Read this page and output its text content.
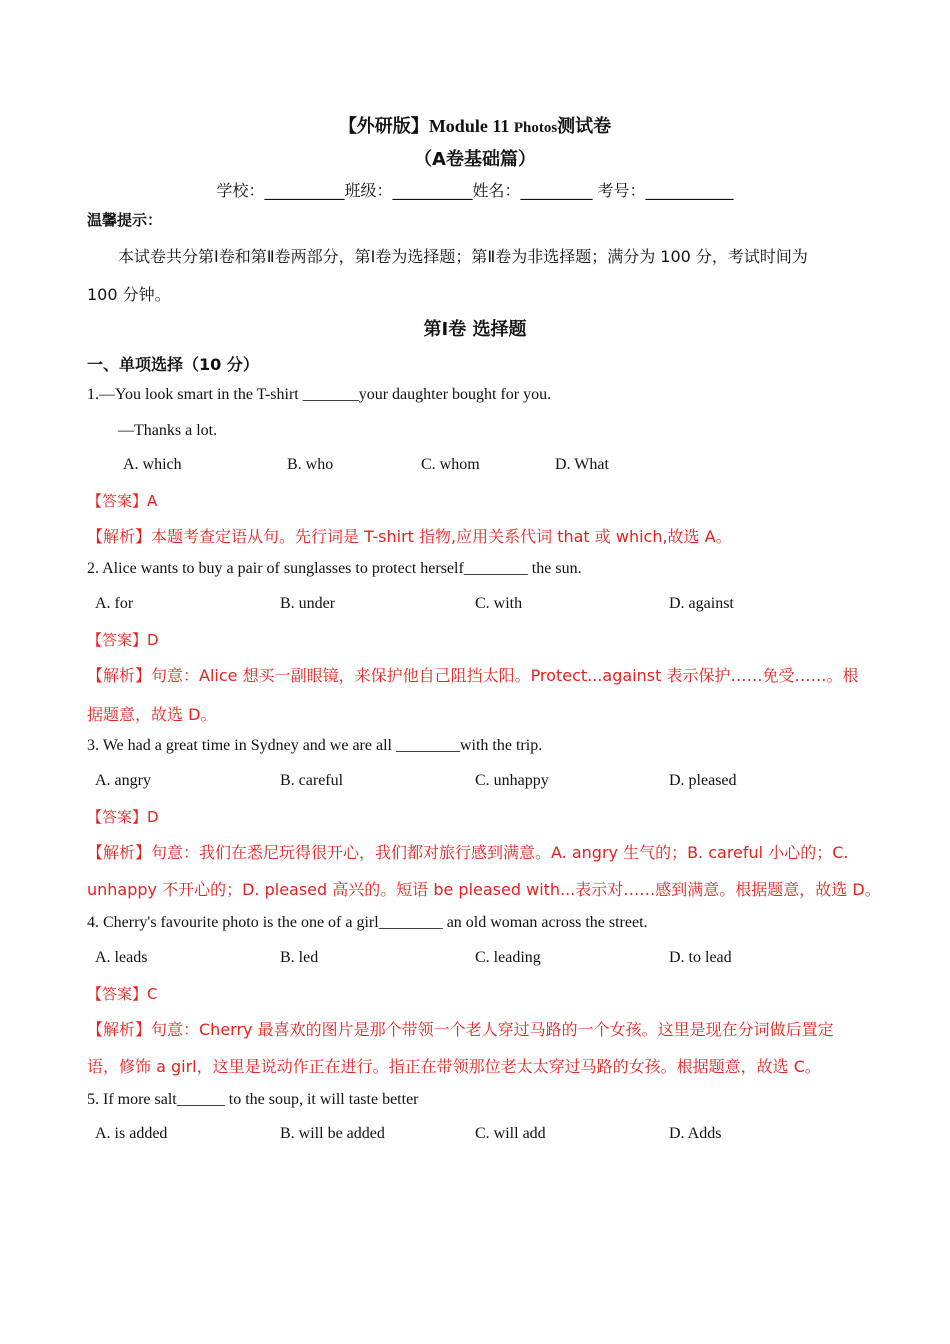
【外研版】Module 11 Photos测试卷
（A卷基础篇）
学校：__________班级：__________姓名：_________ 考号：___________
温馨提示：
本试卷共分第Ⅰ卷和第Ⅱ卷两部分，第Ⅰ卷为选择题；第Ⅱ卷为非选择题；满分为 100 分，考试时间为
100 分钟。
第Ⅰ卷 选择题
一、单项选择（10 分）
1.—You look smart in the T-shirt _______your daughter bought for you.
—Thanks a lot.
A. which	B. who	C. whom	D. What
【答案】A
【解析】本题考查定语从句。先行词是 T-shirt 指物,应用关系代词 that 或 which,故选 A。
2. Alice wants to buy a pair of sunglasses to protect herself________ the sun.
A. for	B. under	C. with	D. against
【答案】D
【解析】句意：Alice 想买一副眼镜，来保护他自己阻挡太阳。Protect...against 表示保护……免受……。根
据题意，故选 D。
3. We had a great time in Sydney and we are all ________with the trip.
A. angry	B. careful	C. unhappy	D. pleased
【答案】D
【解析】句意：我们在悉尼玩得很开心，我们都对旅行感到满意。A. angry 生气的；B. careful 小心的；C.
unhappy 不开心的；D. pleased 高兴的。短语 be pleased with...表示对……感到满意。根据题意，故选 D。
4. Cherry's favourite photo is the one of a girl________ an old woman across the street.
A. leads	B. led	C. leading	D. to lead
【答案】C
【解析】句意：Cherry 最喜欢的图片是那个带领一个老人穿过马路的一个女孩。这里是现在分词做后置定
语，修饰 a girl，这里是说动作正在进行。指正在带领那位老太太穿过马路的女孩。根据题意，故选 C。
5. If more salt______ to the soup, it will taste better
A. is added	B. will be added	C. will add	D. Adds
